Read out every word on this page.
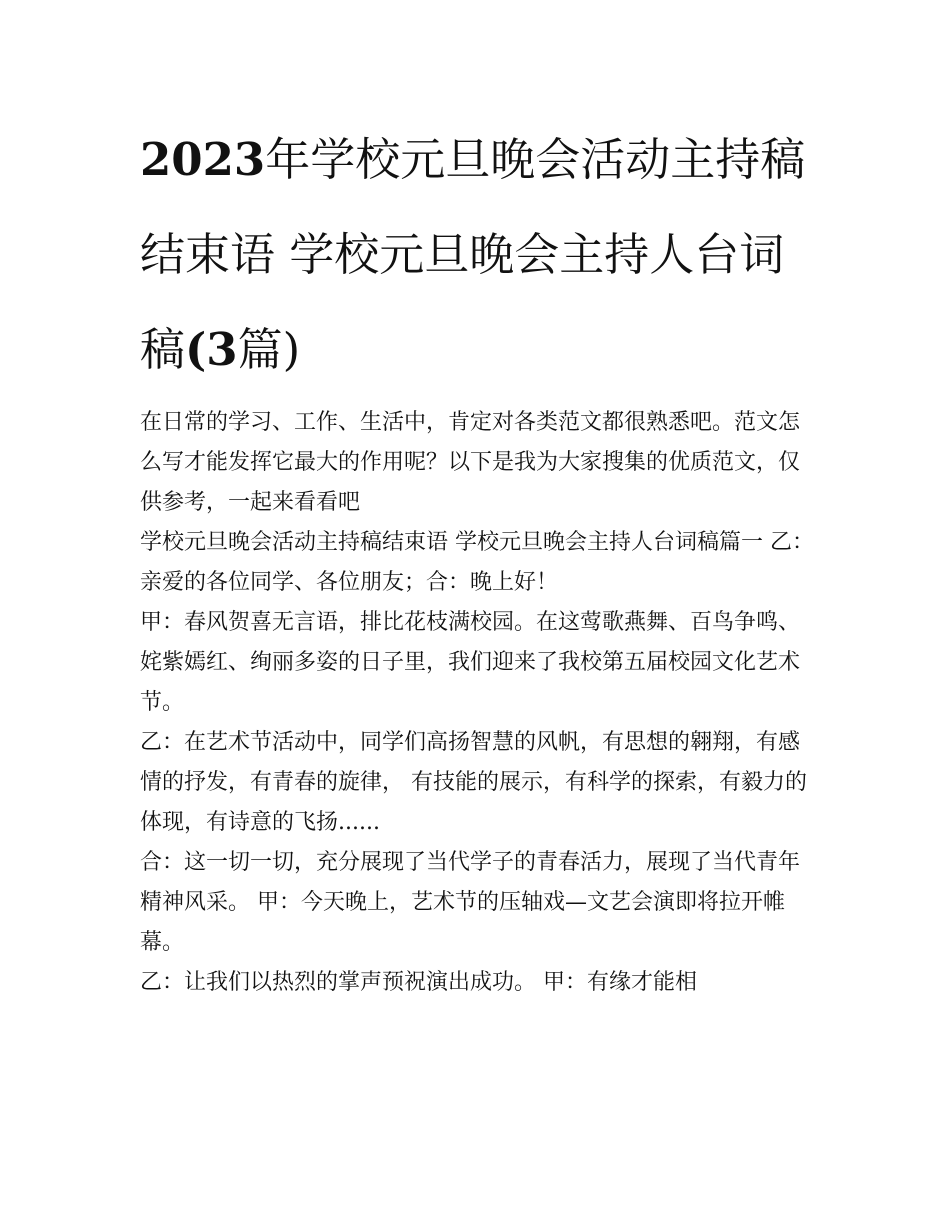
2023年学校元旦晚会活动主持稿结束语 学校元旦晚会主持人台词稿(3篇)

在日常的学习、工作、生活中，肯定对各类范文都很熟悉吧。范文怎么写才能发挥它最大的作用呢？以下是我为大家搜集的优质范文，仅供参考，一起来看看吧

学校元旦晚会活动主持稿结束语 学校元旦晚会主持人台词稿篇一 乙：亲爱的各位同学、各位朋友；合：晚上好！

甲：春风贺喜无言语，排比花枝满校园。在这莺歌燕舞、百鸟争鸣、姹紫嫣红、绚丽多姿的日子里，我们迎来了我校第五届校园文化艺术节。

乙：在艺术节活动中，同学们高扬智慧的风帆，有思想的翱翔，有感情的抒发，有青春的旋律， 有技能的展示，有科学的探索，有毅力的体现，有诗意的飞扬......

合：这一切一切，充分展现了当代学子的青春活力，展现了当代青年精神风采。 甲：今天晚上，艺术节的压轴戏—文艺会演即将拉开帷幕。

乙：让我们以热烈的掌声预祝演出成功。 甲：有缘才能相
